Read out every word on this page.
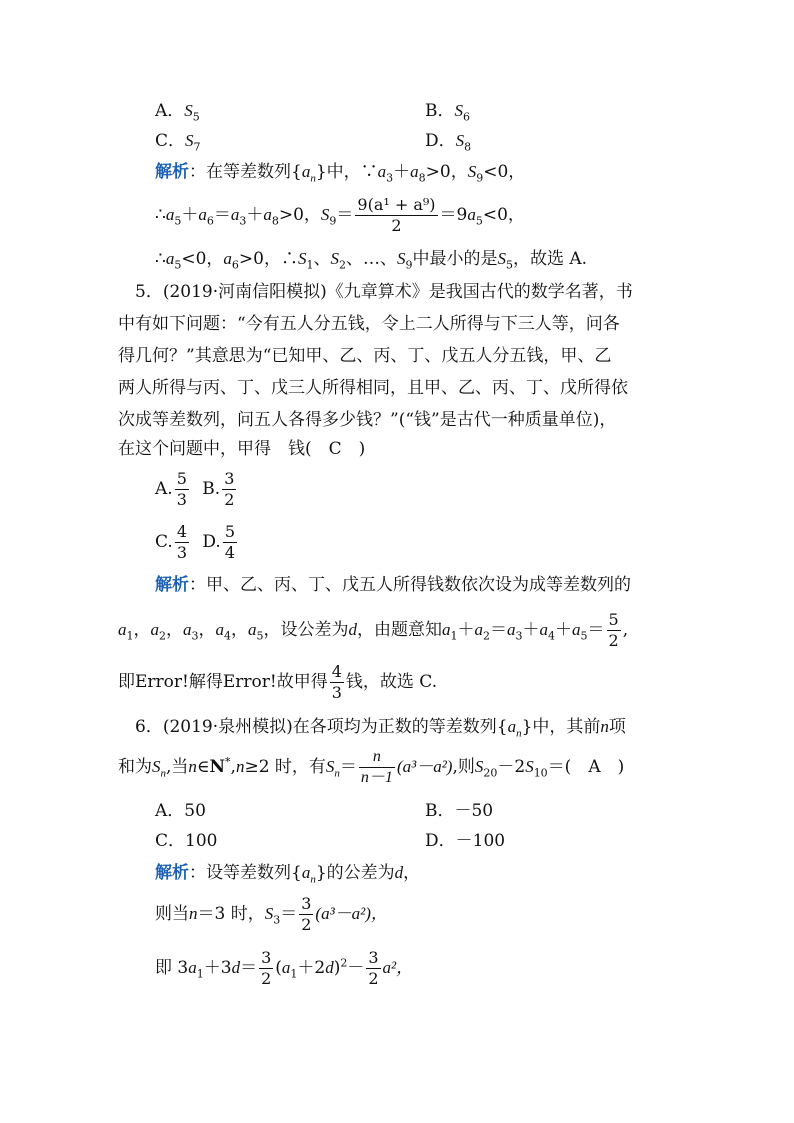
A．$S_5$	B．$S_6$
C．$S_7$	D．$S_8$
解析：在等差数列$\{a_n\}$中，$\because a_3+a_8>0$，$S_9<0$，
$\therefore a_5+a_6=a_3+a_8>0$，$S_9= \frac{\text{9(a¹ + a⁹)}}{2} =9a_5<0$，
$\therefore a_5<0$，$a_6>0$，$\therefore S_1$、$S_2$、…、$S_9$中最小的是$S_5$，故选 A.
5．(2019·河南信阳模拟)《九章算术》是我国古代的数学名著，书
中有如下问题：“今有五人分五钱，令上二人所得与下三人等，问各
得几何？”其意思为“已知甲、乙、丙、丁、戊五人分五钱，甲、乙
两人所得与丙、丁、戊三人所得相同，且甲、乙、丙、丁、戊所得依
次成等差数列，问五人各得多少钱？”(“钱”是古代一种质量单位)，
在这个问题中，甲得　钱(　C　)
A. $\frac{5}{3} B$. $\frac{3}{2}$
C. $\frac{4}{3} D$. $\frac{5}{4}$
解析：甲、乙、丙、丁、戊五人所得钱数依次设为成等差数列的
$a_1$，$a_2$，$a_3$，$a_4$，$a_5$，设公差为d，由题意知$a_1+a_2=a_3+a_4+a_5= \frac{5}{2}$ ,
即Error!解得Error!故甲得 $\frac{4}{3}$ 钱，故选 C.
6．(2019·泉州模拟)在各项均为正数的等差数列$\{a_n\}$中，其前n项
和为$S_n$,当n∈N*,n≥2 时，有$S_n= \frac{n}{n-1} (a^3-a^2)$,则$S_{20}-2S_{10}=$(　A　)
A．50	B．－50
C．100	D．－100
解析：设等差数列$\{a_n\}$的公差为d，
则当n＝3 时，$S_3= \frac{3}{2} (a^3-a^2)$，
即 $3a_1+3d= \frac{3}{2} (a_1+2d)^2- \frac{3}{2} a^2$，
